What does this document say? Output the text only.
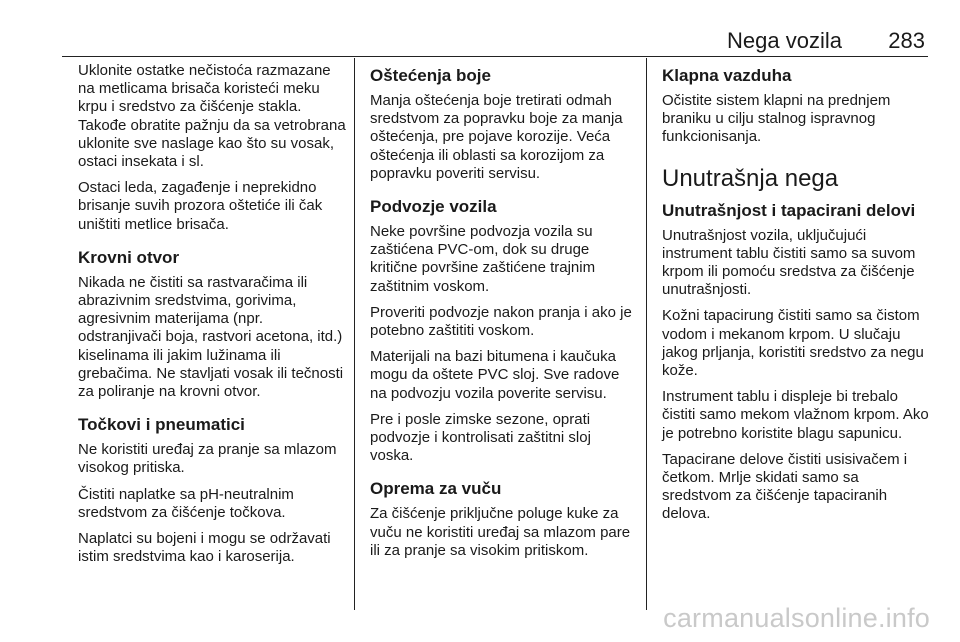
Nega vozila 283

Uklonite ostatke nečistoća razmazane na metlicama brisača koristeći meku krpu i sredstvo za čišćenje stakla. Takođe obratite pažnju da sa vetrobrana uklonite sve naslage kao što su vosak, ostaci insekata i sl.

Ostaci leda, zagađenje i neprekidno brisanje suvih prozora oštetiće ili čak uništiti metlice brisača.

Krovni otvor

Nikada ne čistiti sa rastvaračima ili abrazivnim sredstvima, gorivima, agresivnim materijama (npr. odstranjivači boja, rastvori acetona, itd.) kiselinama ili jakim lužinama ili grebačima. Ne stavljati vosak ili tečnosti za poliranje na krovni otvor.

Točkovi i pneumatici

Ne koristiti uređaj za pranje sa mlazom visokog pritiska.

Čistiti naplatke sa pH-neutralnim sredstvom za čišćenje točkova.

Naplatci su bojeni i mogu se održavati istim sredstvima kao i karoserija.

Oštećenja boje

Manja oštećenja boje tretirati odmah sredstvom za popravku boje za manja oštećenja, pre pojave korozije. Veća oštećenja ili oblasti sa korozijom za popravku poveriti servisu.

Podvozje vozila

Neke površine podvozja vozila su zaštićena PVC-om, dok su druge kritične površine zaštićene trajnim zaštitnim voskom.

Proveriti podvozje nakon pranja i ako je potebno zaštititi voskom.

Materijali na bazi bitumena i kaučuka mogu da oštete PVC sloj. Sve radove na podvozju vozila poverite servisu.

Pre i posle zimske sezone, oprati podvozje i kontrolisati zaštitni sloj voska.

Oprema za vuču

Za čišćenje priključne poluge kuke za vuču ne koristiti uređaj sa mlazom pare ili za pranje sa visokim pritiskom.

Klapna vazduha

Očistite sistem klapni na prednjem braniku u cilju stalnog ispravnog funkcionisanja.

Unutrašnja nega
Unutrašnjost i tapacirani delovi

Unutrašnjost vozila, uključujući instrument tablu čistiti samo sa suvom krpom ili pomoću sredstva za čišćenje unutrašnjosti.

Kožni tapacirung čistiti samo sa čistom vodom i mekanom krpom. U slučaju jakog prljanja, koristiti sredstvo za negu kože.

Instrument tablu i displeje bi trebalo čistiti samo mekom vlažnom krpom. Ako je potrebno koristite blagu sapunicu.

Tapacirane delove čistiti usisivačem i četkom. Mrlje skidati samo sa sredstvom za čišćenje tapaciranih delova.

carmanualsonline.info
